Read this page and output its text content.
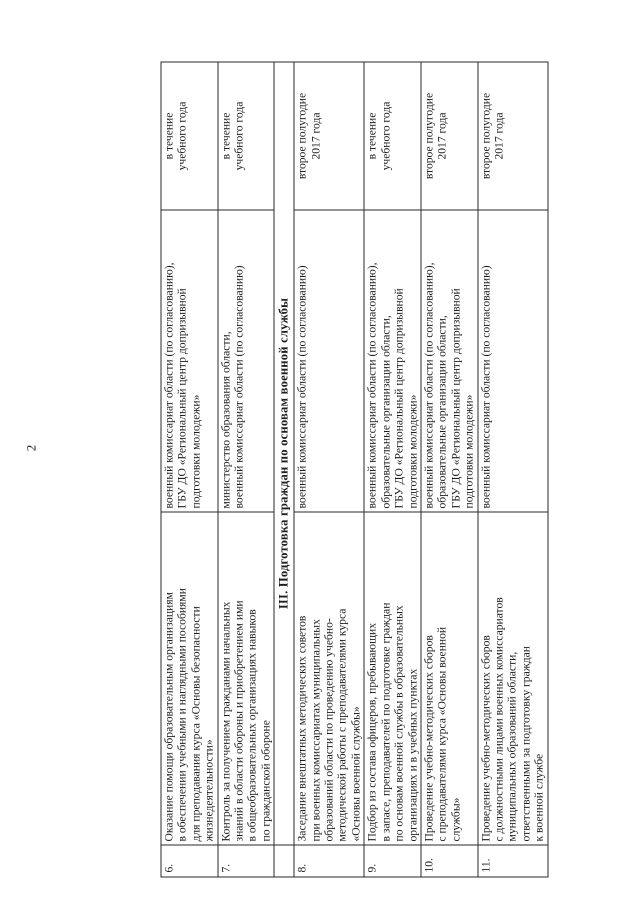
2
6.	Оказание помощи образовательным организациям в обеспечении учебными и наглядными пособиями для преподавания курса «Основы безопасности жизнедеятельности»	военный комиссариат области (по согласованию), ГБУ ДО «Региональный центр допризывной подготовки молодежи»	в течение учебного года

7.	Контроль за получением гражданами начальных знаний в области обороны и приобретением ими в общеобразовательных организациях навыков по гражданской обороне	министерство образования области, военный комиссариат области (по согласованию)	в течение учебного года

	III. Подготовка граждан по основам военной службы		
8.	Заседание внештатных методических советов при военных комиссариатах муниципальных образований области по проведению учебно- методической работы с преподавателями курса «Основы военной службы»	военный комиссариат области (по согласованию)	второе полугодие 2017 года

9.	Подбор из состава офицеров, пребывающих в запасе, преподавателей по подготовке граждан по основам военной службы в образовательных организациях и в учебных пунктах	военный комиссариат области (по согласованию), образовательные организации области, ГБУ ДО «Региональный центр допризывной подготовки молодежи»	в течение учебного года

10.	Проведение учебно-методических сборов с преподавателями курса «Основы военной службы»	военный комиссариат области (по согласованию), образовательные организации области, ГБУ ДО «Региональный центр допризывной подготовки молодежи»	второе полугодие 2017 года

11.	Проведение учебно-методических сборов с должностными лицами военных комиссариатов муниципальных образований области, ответственными за подготовку граждан к военной службе	военный комиссариат области (по согласованию)	второе полугодие 2017 года
